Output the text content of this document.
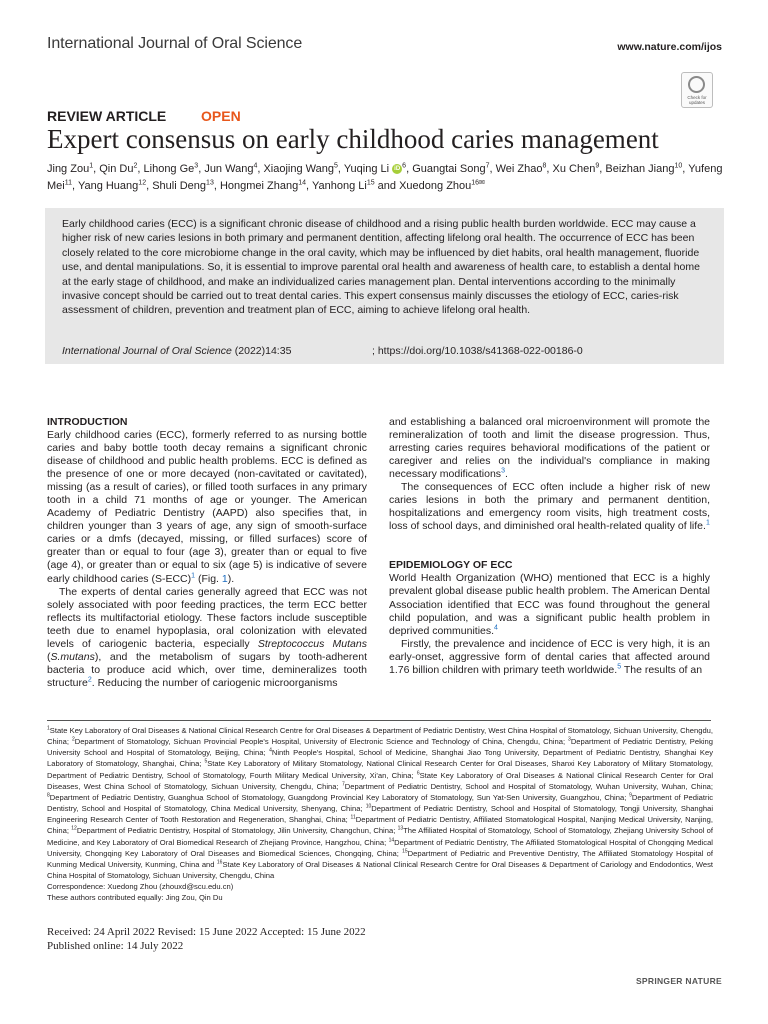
International Journal of Oral Science	www.nature.com/ijos
Check for updates
REVIEW ARTICLE OPEN
Expert consensus on early childhood caries management
Jing Zou$^1$, Qin Du$^2$, Lihong Ge$^3$, Jun Wang$^4$, Xiaojing Wang$^5$, Yuqing Li iD $^6$, Guangtai Song$^7$, Wei Zhao$^8$, Xu Chen$^9$, Beizhan Jiang$^{10}$, Yufeng Mei$^{11}$, Yang Huang$^{12}$, Shuli Deng$^{13}$, Hongmei Zhang$^{14}$, Yanhong Li$^{15}$ and Xuedong Zhou$^{16✉}$
Early childhood caries (ECC) is a significant chronic disease of childhood and a rising public health burden worldwide. ECC may cause a higher risk of new caries lesions in both primary and permanent dentition, affecting lifelong oral health. The occurrence of ECC has been closely related to the core microbiome change in the oral cavity, which may be influenced by diet habits, oral health management, fluoride use, and dental manipulations. So, it is essential to improve parental oral health and awareness of health care, to establish a dental home at the early stage of childhood, and make an individualized caries management plan. Dental interventions according to the minimally invasive concept should be carried out to treat dental caries. This expert consensus mainly discusses the etiology of ECC, caries-risk assessment of children, prevention and treatment plan of ECC, aiming to achieve lifelong oral health.
International Journal of Oral Science (2022)14:35	; https://doi.org/10.1038/s41368-022-00186-0
INTRODUCTION

Early childhood caries (ECC), formerly referred to as nursing bottle caries and baby bottle tooth decay remains a significant chronic disease of childhood and public health problems. ECC is defined as the presence of one or more decayed (non-cavitated or cavitated), missing (as a result of caries), or filled tooth surfaces in any primary tooth in a child 71 months of age or younger. The American Academy of Pediatric Dentistry (AAPD) also specifies that, in children younger than 3 years of age, any sign of smooth-surface caries or a dmfs (decayed, missing, or filled surfaces) score of greater than or equal to four (age 3), greater than or equal to five (age 4), or greater than or equal to six (age 5) is indicative of severe early childhood caries (S-ECC)$^1$ (Fig. 1).

The experts of dental caries generally agreed that ECC was not solely associated with poor feeding practices, the term ECC better reflects its multifactorial etiology. These factors include susceptible teeth due to enamel hypoplasia, oral colonization with elevated levels of cariogenic bacteria, especially Streptococcus Mutans (S.mutans), and the metabolism of sugars by tooth-adherent bacteria to produce acid which, over time, demineralizes tooth structure$^2$. Reducing the number of cariogenic microorganisms

and establishing a balanced oral microenvironment will promote the remineralization of tooth and limit the disease progression. Thus, arresting caries requires behavioral modifications of the patient or caregiver and relies on the individual's compliance in making necessary modifications$^3$.

The consequences of ECC often include a higher risk of new caries lesions in both the primary and permanent dentition, hospitalizations and emergency room visits, high treatment costs, loss of school days, and diminished oral health-related quality of life.$^1$

EPIDEMIOLOGY OF ECC

World Health Organization (WHO) mentioned that ECC is a highly prevalent global disease public health problem. The American Dental Association identified that ECC was found throughout the general child population, and was a significant public health problem in deprived communities.$^4$

Firstly, the prevalence and incidence of ECC is very high, it is an early-onset, aggressive form of dental caries that affected around 1.76 billion children with primary teeth worldwide.$^5$ The results of an

$^1$State Key Laboratory of Oral Diseases & National Clinical Research Centre for Oral Diseases & Department of Pediatric Dentistry, West China Hospital of Stomatology, Sichuan University, Chengdu, China; $^2$Department of Stomatology, Sichuan Provincial People's Hospital, University of Electronic Science and Technology of China, Chengdu, China; $^3$Department of Pediatric Dentistry, Peking University School and Hospital of Stomatology, Beijing, China; $^4$Ninth People's Hospital, School of Medicine, Shanghai Jiao Tong University, Department of Pediatric Dentistry, Shanghai Key Laboratory of Stomatology, Shanghai, China; $^5$State Key Laboratory of Military Stomatology, National Clinical Research Center for Oral Diseases, Shanxi Key Laboratory of Military Stomatology, Department of Pediatric Dentistry, School of Stomatology, Fourth Military Medical University, Xi'an, China; $^6$State Key Laboratory of Oral Diseases & National Clinical Research Center for Oral Diseases, West China School of Stomatology, Sichuan University, Chengdu, China; $^7$Department of Pediatric Dentistry, School and Hospital of Stomatology, Wuhan University, Wuhan, China; $^8$Department of Pediatric Dentistry, Guanghua School of Stomatology, Guangdong Provincial Key Laboratory of Stomatology, Sun Yat-Sen University, Guangzhou, China; $^9$Department of Pediatric Dentistry, School and Hospital of Stomatology, China Medical University, Shenyang, China; $^{10}$Department of Pediatric Dentistry, School and Hospital of Stomatology, Tongji University, Shanghai Engineering Research Center of Tooth Restoration and Regeneration, Shanghai, China; $^{11}$Department of Pediatric Dentistry, Affiliated Stomatological Hospital, Nanjing Medical University, Nanjing, China; $^{12}$Department of Pediatric Dentistry, Hospital of Stomatology, Jilin University, Changchun, China; $^{13}$The Affiliated Hospital of Stomatology, School of Stomatology, Zhejiang University School of Medicine, and Key Laboratory of Oral Biomedical Research of Zhejiang Province, Hangzhou, China; $^{14}$Department of Pediatric Dentistry, The Affiliated Stomatological Hospital of Chongqing Medical University, Chongqing Key Laboratory of Oral Diseases and Biomedical Sciences, Chongqing, China; $^{15}$Department of Pediatric and Preventive Dentistry, The Affiliated Stomatology Hospital of Kunming Medical University, Kunming, China and $^{16}$State Key Laboratory of Oral Diseases & National Clinical Research Centre for Oral Diseases & Department of Cariology and Endodontics, West China Hospital of Stomatology, Sichuan University, Chengdu, China
Correspondence: Xuedong Zhou (zhouxd@scu.edu.cn)
These authors contributed equally: Jing Zou, Qin Du
Received: 24 April 2022 Revised: 15 June 2022 Accepted: 15 June 2022
Published online: 14 July 2022
SPRINGER NATURE
